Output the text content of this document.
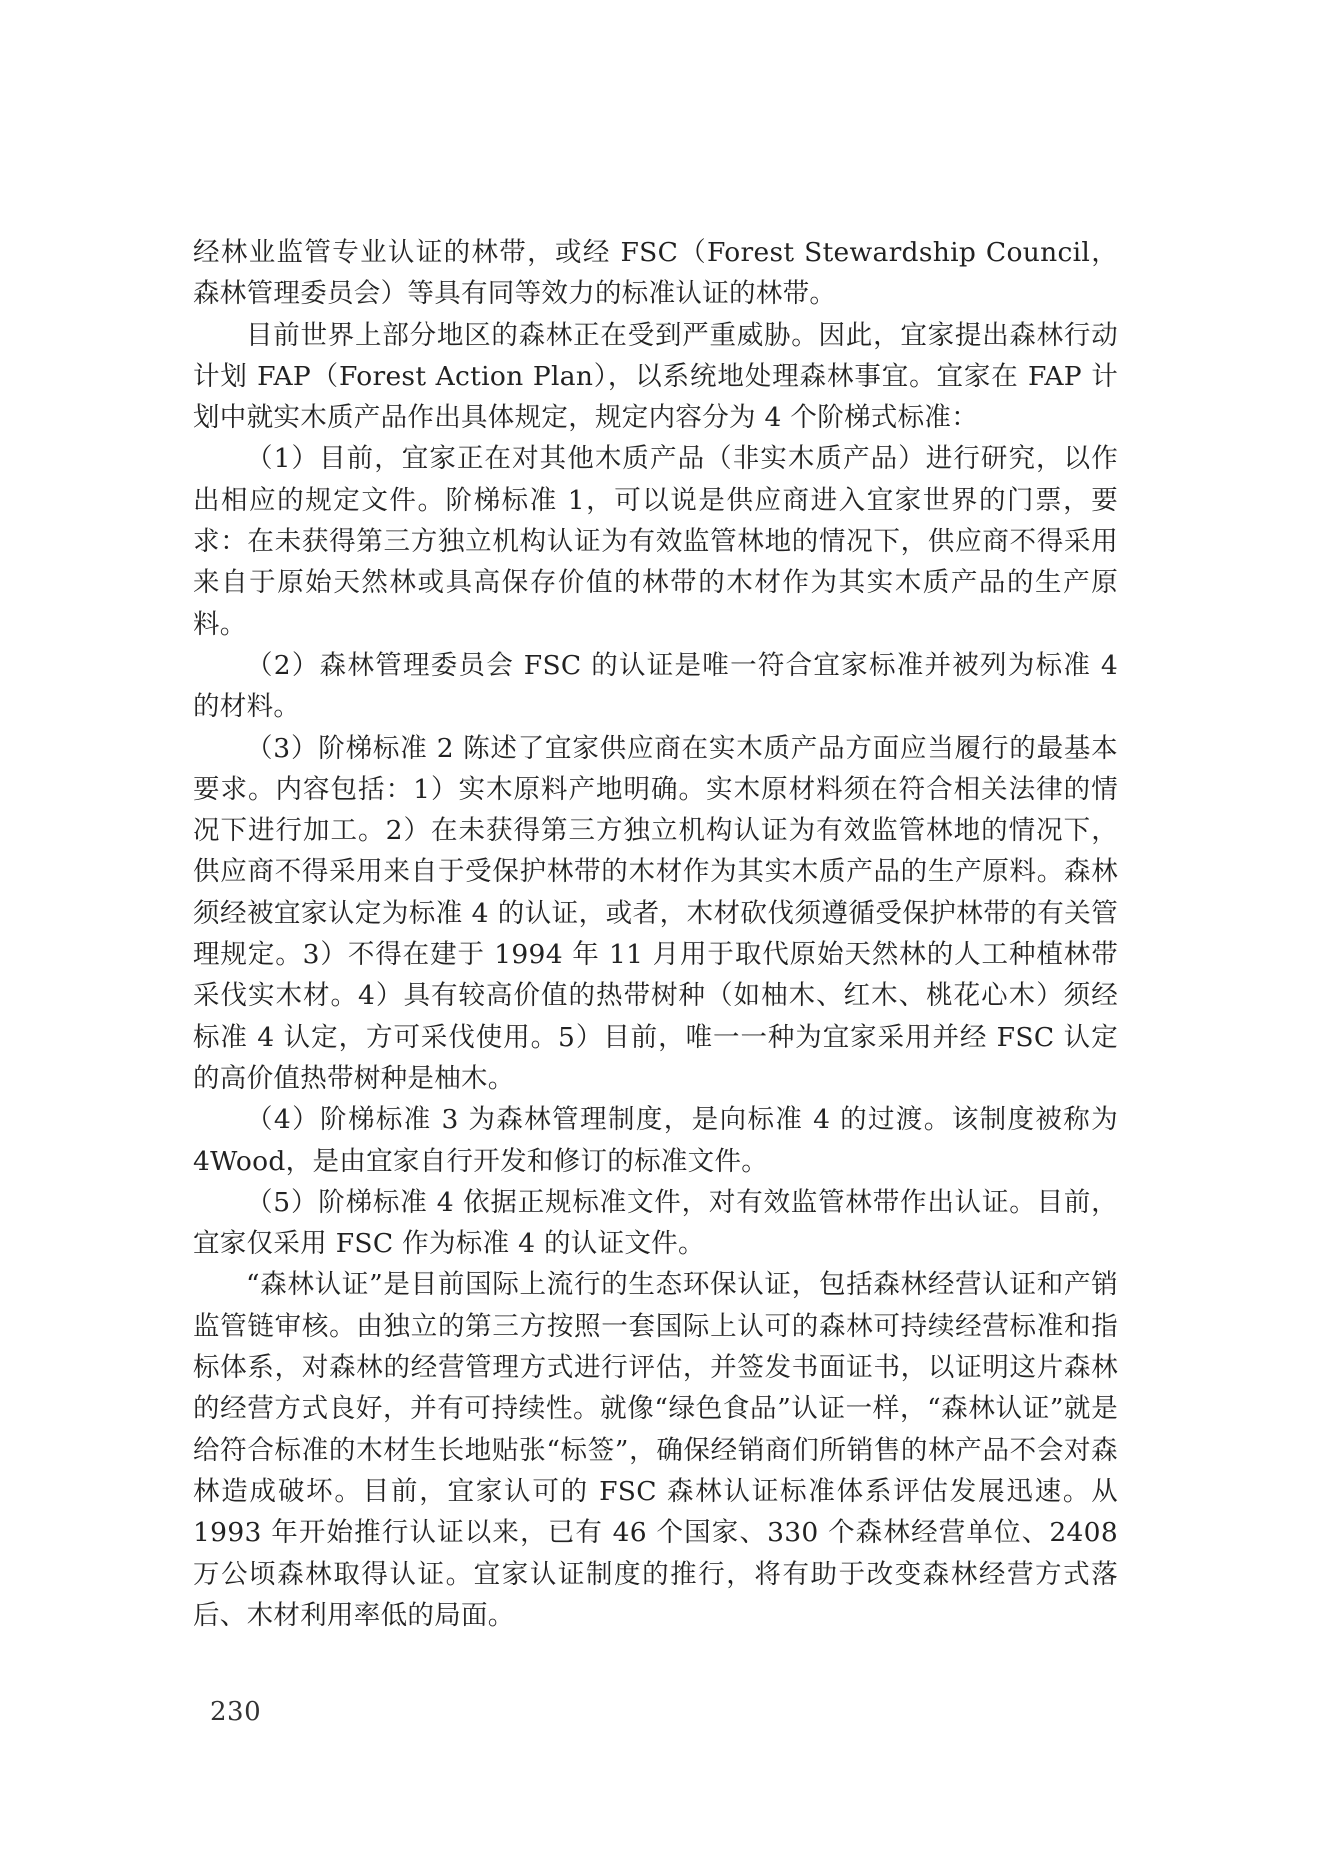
经林业监管专业认证的林带，或经 FSC（Forest Stewardship Council，森林管理委员会）等具有同等效力的标准认证的林带。

目前世界上部分地区的森林正在受到严重威胁。因此，宜家提出森林行动计划 FAP（Forest Action Plan），以系统地处理森林事宜。宜家在 FAP 计划中就实木质产品作出具体规定，规定内容分为 4 个阶梯式标准：

（1）目前，宜家正在对其他木质产品（非实木质产品）进行研究，以作出相应的规定文件。阶梯标准 1，可以说是供应商进入宜家世界的门票，要求：在未获得第三方独立机构认证为有效监管林地的情况下，供应商不得采用来自于原始天然林或具高保存价值的林带的木材作为其实木质产品的生产原料。

（2）森林管理委员会 FSC 的认证是唯一符合宜家标准并被列为标准 4 的材料。

（3）阶梯标准 2 陈述了宜家供应商在实木质产品方面应当履行的最基本要求。内容包括：1）实木原料产地明确。实木原材料须在符合相关法律的情况下进行加工。2）在未获得第三方独立机构认证为有效监管林地的情况下，供应商不得采用来自于受保护林带的木材作为其实木质产品的生产原料。森林须经被宜家认定为标准 4 的认证，或者，木材砍伐须遵循受保护林带的有关管理规定。3）不得在建于 1994 年 11 月用于取代原始天然林的人工种植林带采伐实木材。4）具有较高价值的热带树种（如柚木、红木、桃花心木）须经标准 4 认定，方可采伐使用。5）目前，唯一一种为宜家采用并经 FSC 认定的高价值热带树种是柚木。

（4）阶梯标准 3 为森林管理制度，是向标准 4 的过渡。该制度被称为 4Wood，是由宜家自行开发和修订的标准文件。

（5）阶梯标准 4 依据正规标准文件，对有效监管林带作出认证。目前，宜家仅采用 FSC 作为标准 4 的认证文件。

“森林认证”是目前国际上流行的生态环保认证，包括森林经营认证和产销监管链审核。由独立的第三方按照一套国际上认可的森林可持续经营标准和指标体系，对森林的经营管理方式进行评估，并签发书面证书，以证明这片森林的经营方式良好，并有可持续性。就像“绿色食品”认证一样，“森林认证”就是给符合标准的木材生长地贴张“标签”，确保经销商们所销售的林产品不会对森林造成破坏。目前，宜家认可的 FSC 森林认证标准体系评估发展迅速。从 1993 年开始推行认证以来，已有 46 个国家、330 个森林经营单位、2408 万公顷森林取得认证。宜家认证制度的推行，将有助于改变森林经营方式落后、木材利用率低的局面。

230
